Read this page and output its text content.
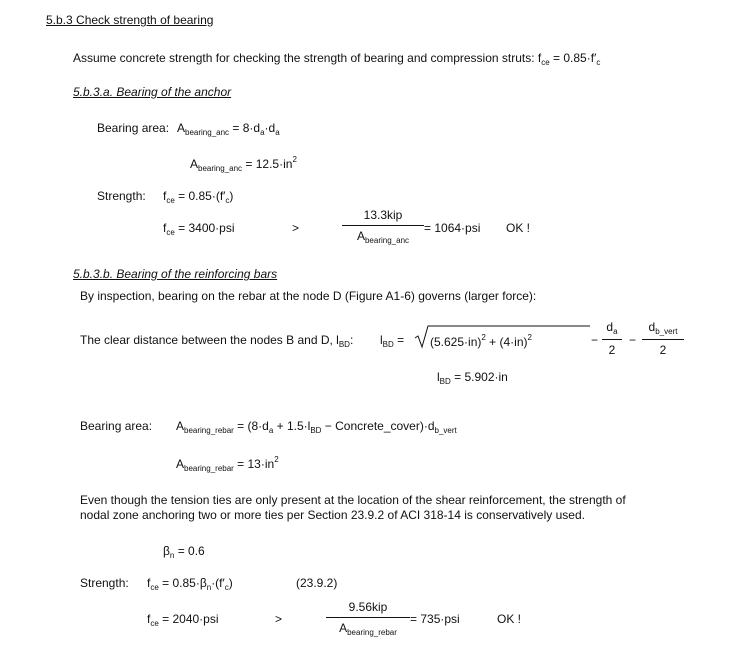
5.b.3 Check strength of bearing
Assume concrete strength for checking the strength of bearing and compression struts: $f_{ce} = 0.85\cdot f'_c$
5.b.3.a. Bearing of the anchor
Bearing area: $A_{bearing\_anc} = 8\cdot d_a\cdot d_a$
$A_{bearing\_anc} = 12.5\cdot in^2$
Strength: $f_{ce} = 0.85\cdot(f'_c)$
$f_{ce} = 3400\cdot psi$	>
13.3kip
$A_{bearing\_anc}$
= 1064·psi OK !
5.b.3.b. Bearing of the reinforcing bars
By inspection, bearing on the rebar at the node D (Figure A1-6) governs (larger force):
The clear distance between the nodes B and D, $l_{BD}$: $l_{BD} = (5.625\cdot in)^2 + (4\cdot in)^2$	−
$d_a$
2
−
$d_{b\_vert}$
2
$l_{BD} = 5.902\cdot in$
Bearing area: $A_{bearing\_rebar} = (8\cdot d_a + 1.5\cdot l_{BD}$ − $Concrete\_cover)\cdot d_{b\_vert}$
$A_{bearing\_rebar} = 13\cdot in^2$
Even though the tension ties are only present at the location of the shear reinforcement, the strength of nodal zone anchoring two or more ties per Section 23.9.2 of ACI 318-14 is conservatively used.
$\beta_n = 0.6$
Strength: $f_{ce} = 0.85\cdot\beta_n\cdot(f'_c)$	(23.9.2)
$f_{ce} = 2040\cdot psi$	>
9.56kip
$A_{bearing\_rebar}$
= 735·psi	OK !
